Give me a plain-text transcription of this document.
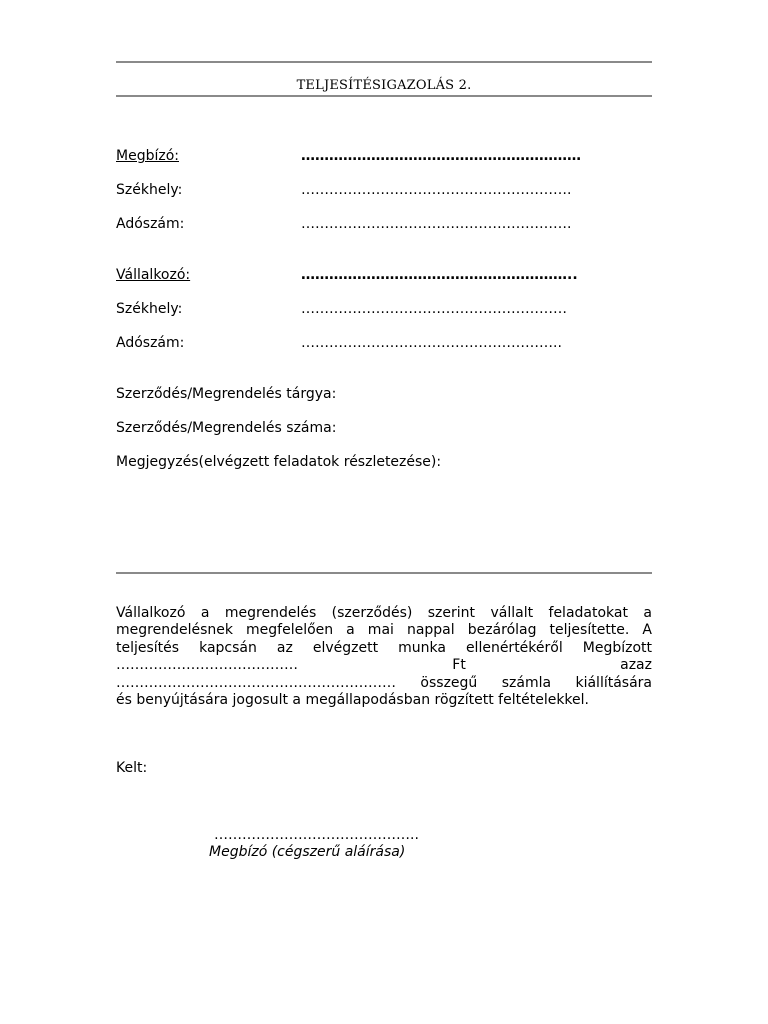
TELJESÍTÉSIGAZOLÁS 2.
Megbízó:	……………………………………………………
Székhely:	………………………………………………….
Adószám:	………………………………………………….
Vállalkozó:	…………………………………………………..
Székhely:	…………………………………………………
Adószám:	………………………………………………..
Szerződés/Megrendelés tárgya:
Szerződés/Megrendelés száma:
Megjegyzés(elvégzett feladatok részletezése):
Vállalkozó a megrendelés (szerződés) szerint vállalt feladatokat a
megrendelésnek megfelelően a mai nappal bezárólag teljesítette. A
teljesítés kapcsán az elvégzett munka ellenértékéről Megbízott
………………………………… Ft azaz
…………………………………………………… összegű számla kiállítására
és benyújtására jogosult a megállapodásban rögzített feltételekkel.
Kelt:
……………………………………..
Megbízó (cégszerű aláírása)
